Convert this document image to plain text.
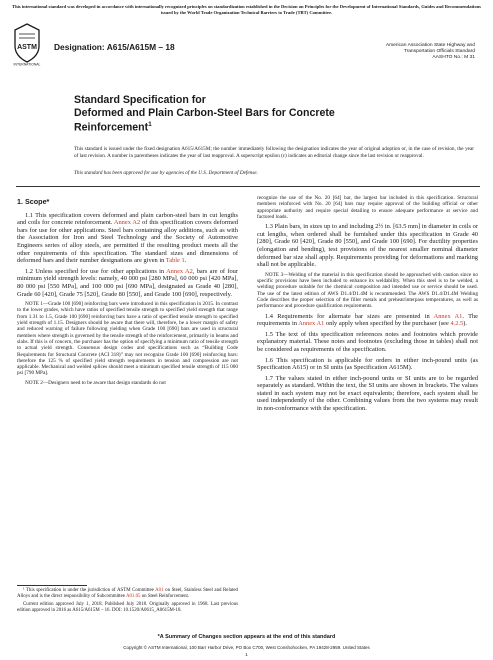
This international standard was developed in accordance with internationally recognized principles on standardization established in the Decision on Principles for the Development of International Standards, Guides and Recommendations issued by the World Trade Organization Technical Barriers to Trade (TBT) Committee.
ASTM
INTERNATIONAL
Designation: A615/A615M – 18	American Association State Highway and
Transportation Officials Standard
AASHTO No.: M 31
Standard Specification for
Deformed and Plain Carbon-Steel Bars for Concrete
Reinforcement$^1$
This standard is issued under the fixed designation A615/A615M; the number immediately following the designation indicates the year of original adoption or, in the case of revision, the year of last revision. A number in parentheses indicates the year of last reapproval. A superscript epsilon (ε) indicates an editorial change since the last revision or reapproval.
This standard has been approved for use by agencies of the U.S. Department of Defense.
1. Scope*

1.1 This specification covers deformed and plain carbon-steel bars in cut lengths and coils for concrete reinforcement. Annex A2 of this specification covers deformed bars for use for other applications. Steel bars containing alloy additions, such as with the Association for Iron and Steel Technology and the Society of Automotive Engineers series of alloy steels, are permitted if the resulting product meets all the other requirements of this specification. The standard sizes and dimensions of deformed bars and their number designations are given in Table 1.

1.2 Unless specified for use for other applications in Annex A2, bars are of four minimum yield strength levels: namely, 40 000 psi [280 MPa], 60 000 psi [420 MPa], 80 000 psi [550 MPa], and 100 000 psi [690 MPa], designated as Grade 40 [280], Grade 60 [420], Grade 75 [520], Grade 80 [550], and Grade 100 [690], respectively.

NOTE 1—Grade 100 [690] reinforcing bars were introduced in this specification in 2015. In contrast to the lower grades, which have ratios of specified tensile strength to specified yield strength that range from 1.31 to 1.5, Grade 100 [690] reinforcing bars have a ratio of specified tensile strength to specified yield strength of 1.15. Designers should be aware that there will, therefore, be a lower margin of safety and reduced warning of failure following yielding when Grade 100 [690] bars are used in structural members where strength is governed by the tensile strength of the reinforcement, primarily in beams and slabs. If this is of concern, the purchaser has the option of specifying a minimum ratio of tensile strength to actual yield strength. Consensus design codes and specifications such as “Building Code Requirements for Structural Concrete (ACI 318)” may not recognize Grade 100 [690] reinforcing bars: therefore the 125 % of specified yield strength requirements in tension and compression are not applicable. Mechanical and welded splices should meet a minimum specified tensile strength of 115 000 psi [790 MPa].

NOTE 2—Designers need to be aware that design standards do not

¹ This specification is under the jurisdiction of ASTM Committee A01 on Steel, Stainless Steel and Related Alloys and is the direct responsibility of Subcommittee A01.05 on Steel Reinforcement.

Current edition approved July 1, 2018. Published July 2018. Originally approved in 1968. Last previous edition approved in 2016 as A615/A615M – 16. DOI: 10.1520/A0615_A0615M-18.

recognize the use of the No. 20 [64] bar, the largest bar included in this specification. Structural members reinforced with No. 20 [64] bars may require approval of the building official or other appropriate authority and require special detailing to ensure adequate performance at service and factored loads.

1.3 Plain bars, in sizes up to and including 2½ in. [63.5 mm] in diameter in coils or cut lengths, when ordered shall be furnished under this specification in Grade 40 [280], Grade 60 [420], Grade 80 [550], and Grade 100 [690]. For ductility properties (elongation and bending), test provisions of the nearest smaller nominal diameter deformed bar size shall apply. Requirements providing for deformations and marking shall not be applicable.

NOTE 3—Welding of the material in this specification should be approached with caution since no specific provisions have been included to enhance its weldability. When this steel is to be welded, a welding procedure suitable for the chemical composition and intended use or service should be used. The use of the latest edition of AWS D1.4/D1.4M is recommended. The AWS D1.4/D1.4M Welding Code describes the proper selection of the filler metals and preheat/interpass temperatures, as well as performance and procedure qualification requirements.

1.4 Requirements for alternate bar sizes are presented in Annex A1. The requirements in Annex A1 only apply when specified by the purchaser (see 4.2.5).

1.5 The text of this specification references notes and footnotes which provide explanatory material. These notes and footnotes (excluding those in tables) shall not be considered as requirements of the specification.

1.6 This specification is applicable for orders in either inch-pound units (as Specification A615) or in SI units (as Specification A615M).

1.7 The values stated in either inch-pound units or SI units are to be regarded separately as standard. Within the text, the SI units are shown in brackets. The values stated in each system may not be exact equivalents; therefore, each system shall be used independently of the other. Combining values from the two systems may result in non-conformance with the specification.

*A Summary of Changes section appears at the end of this standard
Copyright © ASTM International, 100 Barr Harbor Drive, PO Box C700, West Conshohocken, PA 19428-2959. United States
1
